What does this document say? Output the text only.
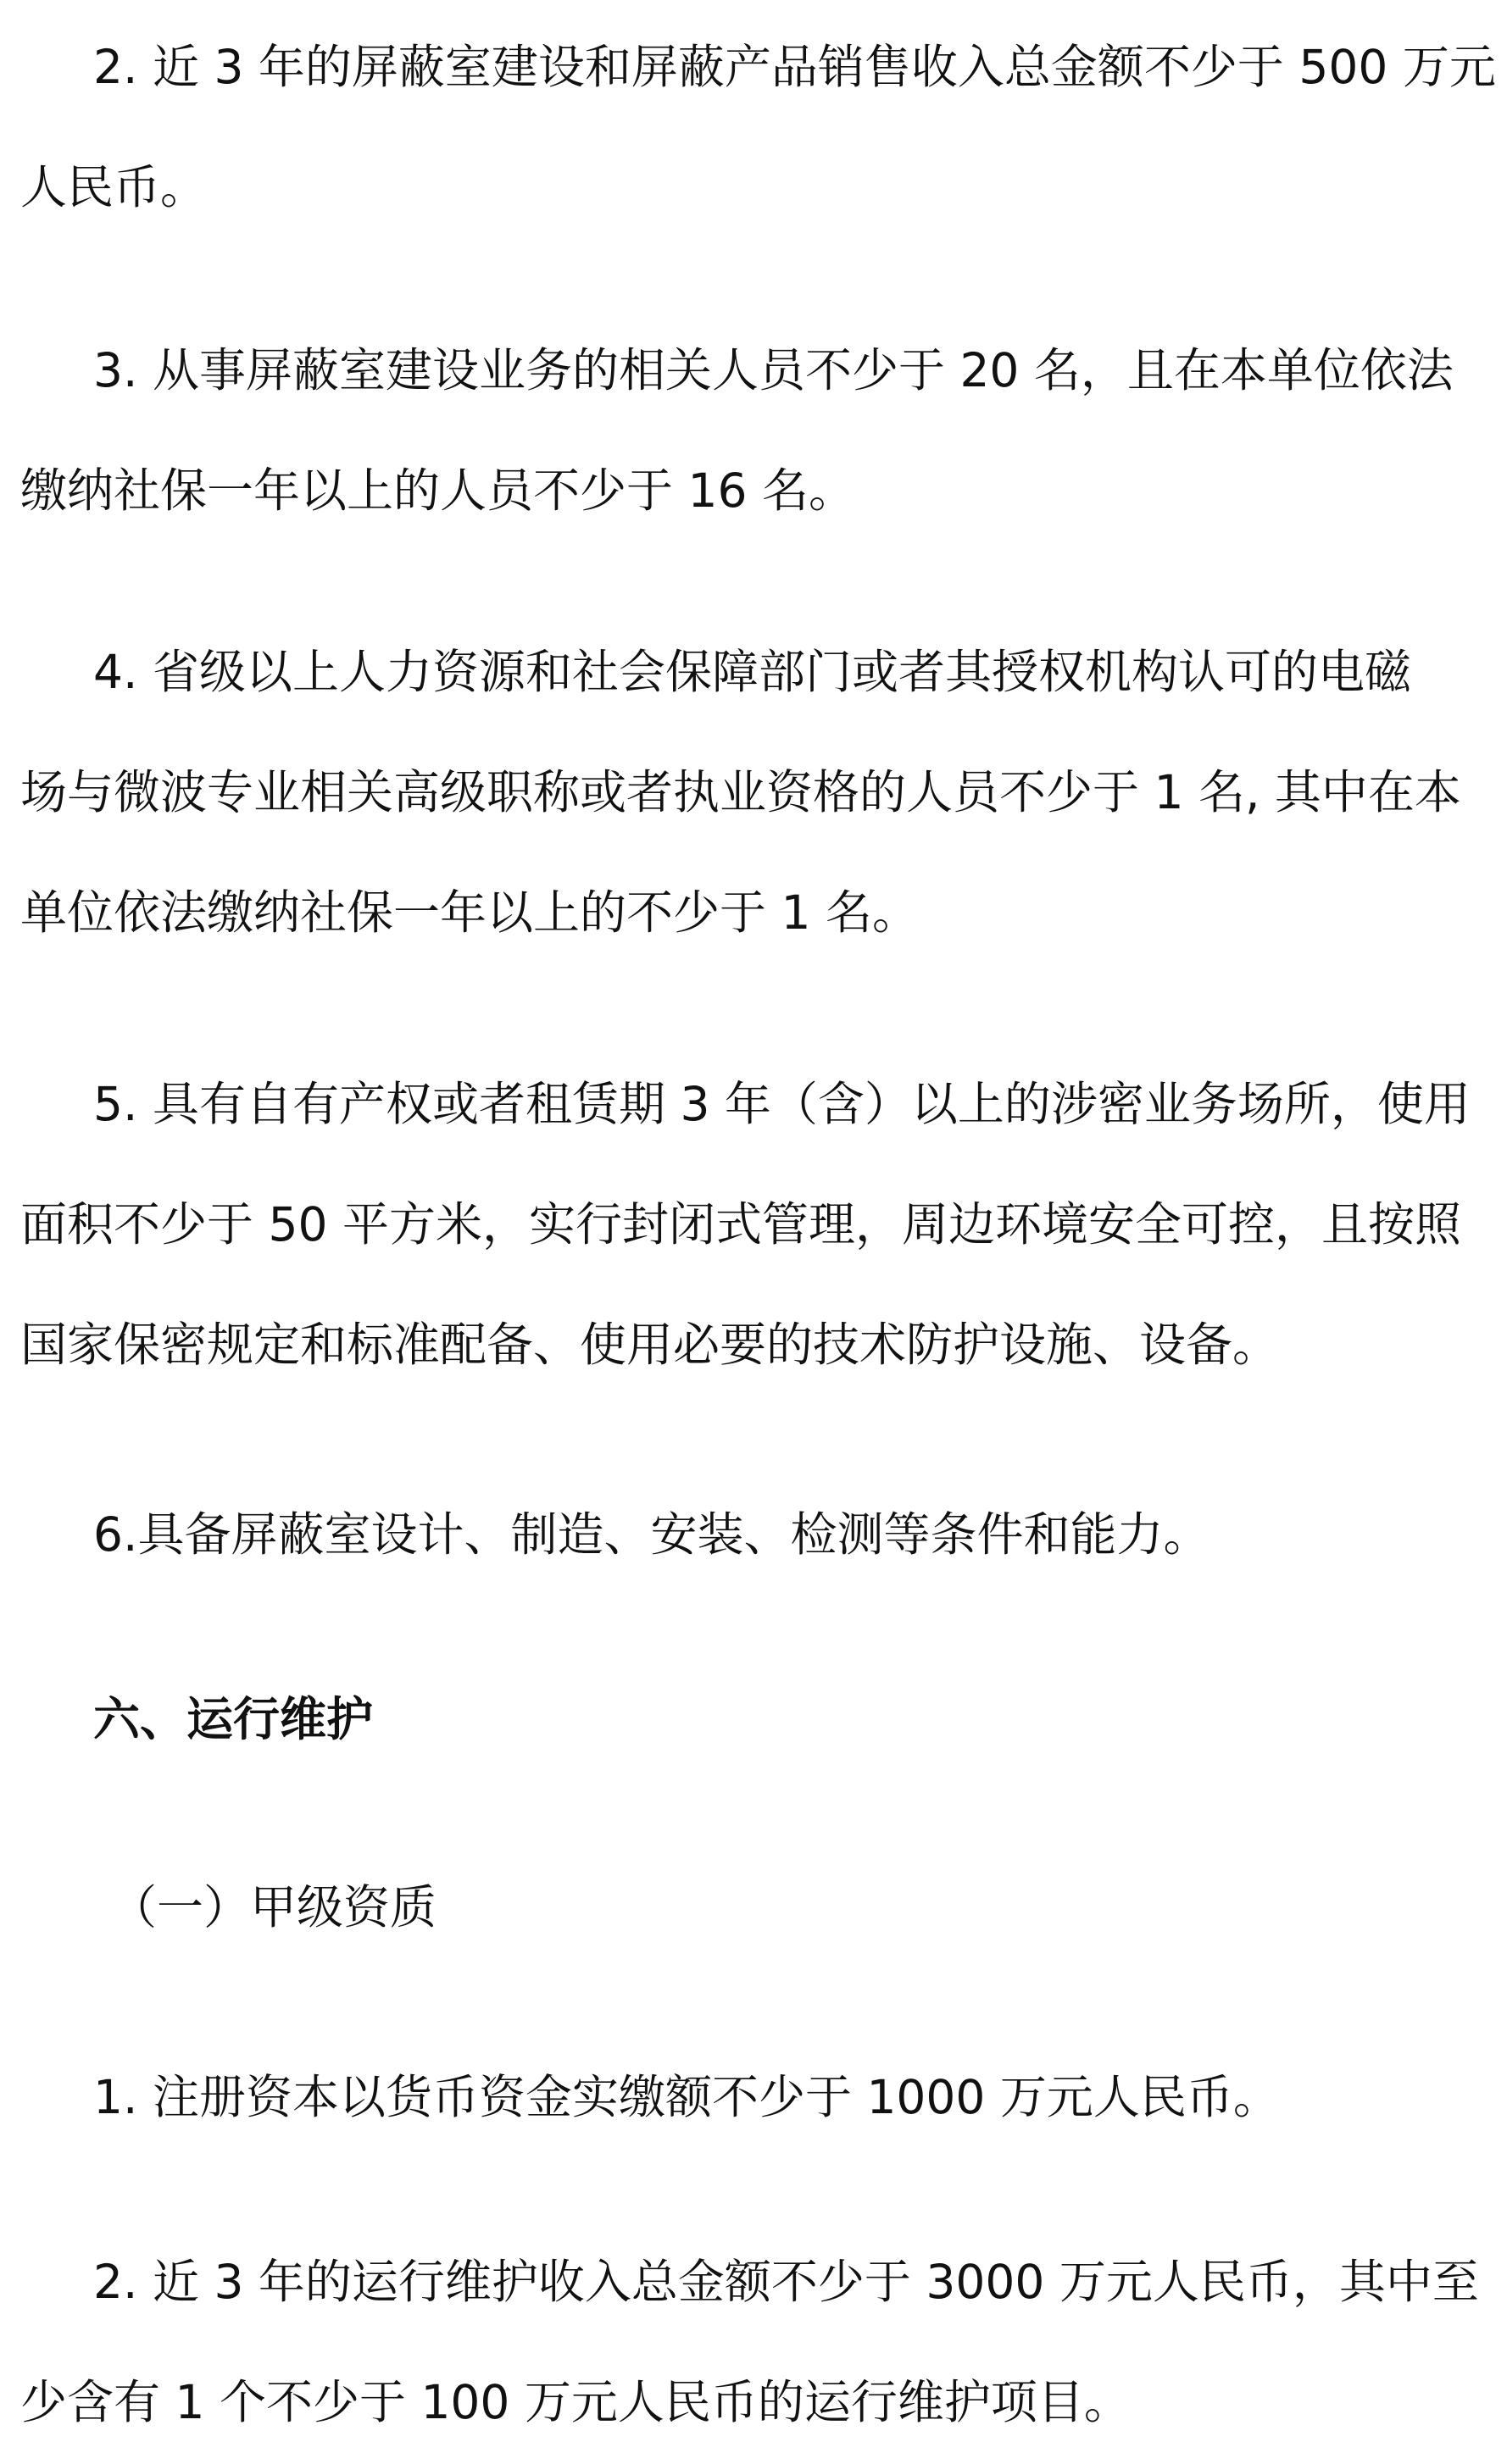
2. 近 3 年的屏蔽室建设和屏蔽产品销售收入总金额不少于 500 万元
人民币。
3. 从事屏蔽室建设业务的相关人员不少于 20 名，且在本单位依法
缴纳社保一年以上的人员不少于 16 名。
4. 省级以上人力资源和社会保障部门或者其授权机构认可的电磁
场与微波专业相关高级职称或者执业资格的人员不少于 1 名, 其中在本
单位依法缴纳社保一年以上的不少于 1 名。
5. 具有自有产权或者租赁期 3 年（含）以上的涉密业务场所，使用
面积不少于 50 平方米，实行封闭式管理，周边环境安全可控，且按照
国家保密规定和标准配备、使用必要的技术防护设施、设备。
6.具备屏蔽室设计、制造、安装、检测等条件和能力。
六、运行维护
（一）甲级资质
1. 注册资本以货币资金实缴额不少于 1000 万元人民币。
2. 近 3 年的运行维护收入总金额不少于 3000 万元人民币，其中至
少含有 1 个不少于 100 万元人民币的运行维护项目。
